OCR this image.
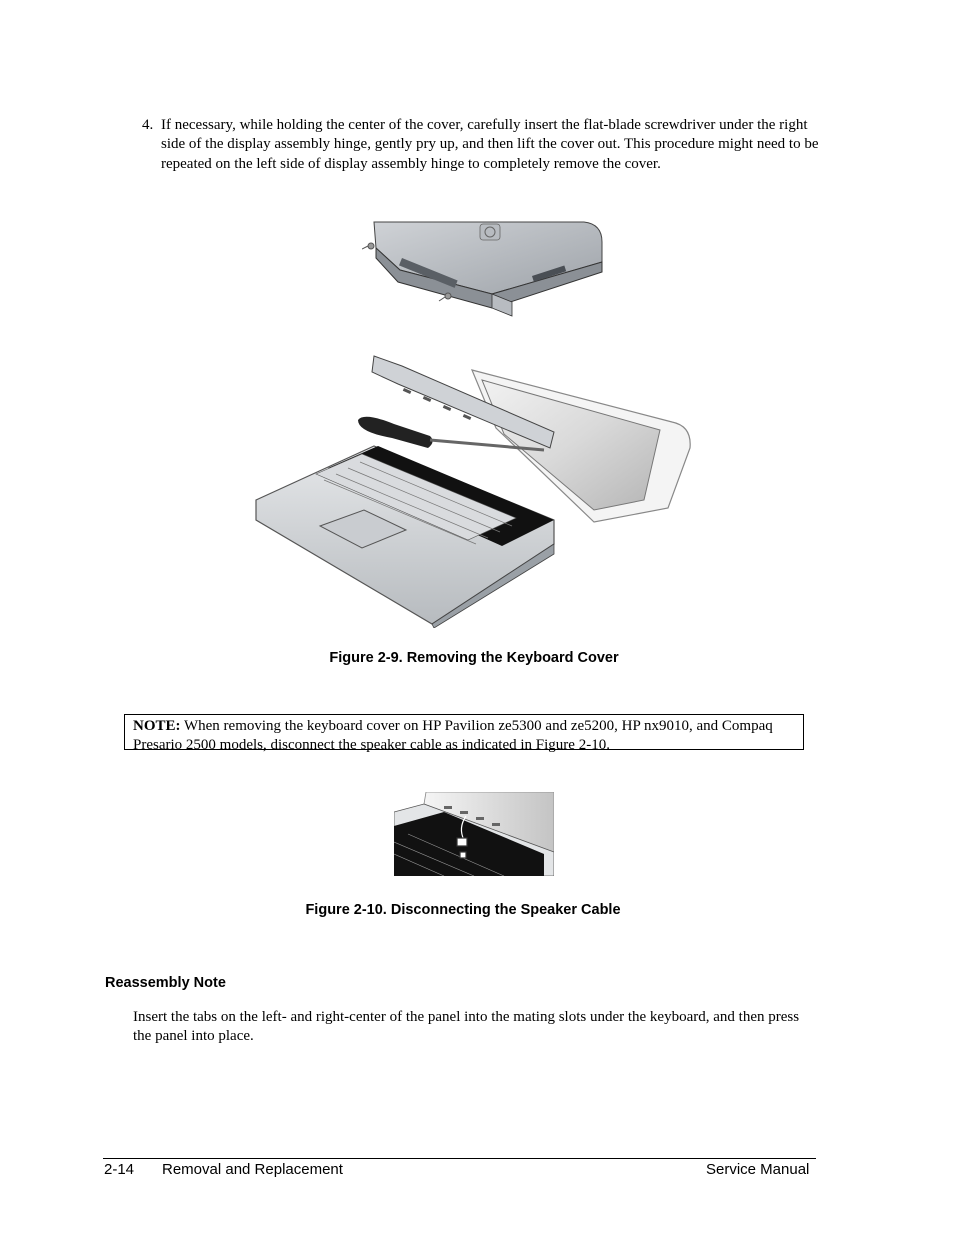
4. If necessary, while holding the center of the cover, carefully insert the flat-blade screwdriver under the right side of the display assembly hinge, gently pry up, and then lift the cover out. This procedure might need to be repeated on the left side of display assembly hinge to completely remove the cover.
Figure 2-9. Removing the Keyboard Cover
NOTE: When removing the keyboard cover on HP Pavilion ze5300 and ze5200, HP nx9010, and Compaq Presario 2500 models, disconnect the speaker cable as indicated in Figure 2-10.
Figure 2-10. Disconnecting the Speaker Cable
Reassembly Note
Insert the tabs on the left- and right-center of the panel into the mating slots under the keyboard, and then press the panel into place.
2-14 Removal and Replacement	Service Manual
